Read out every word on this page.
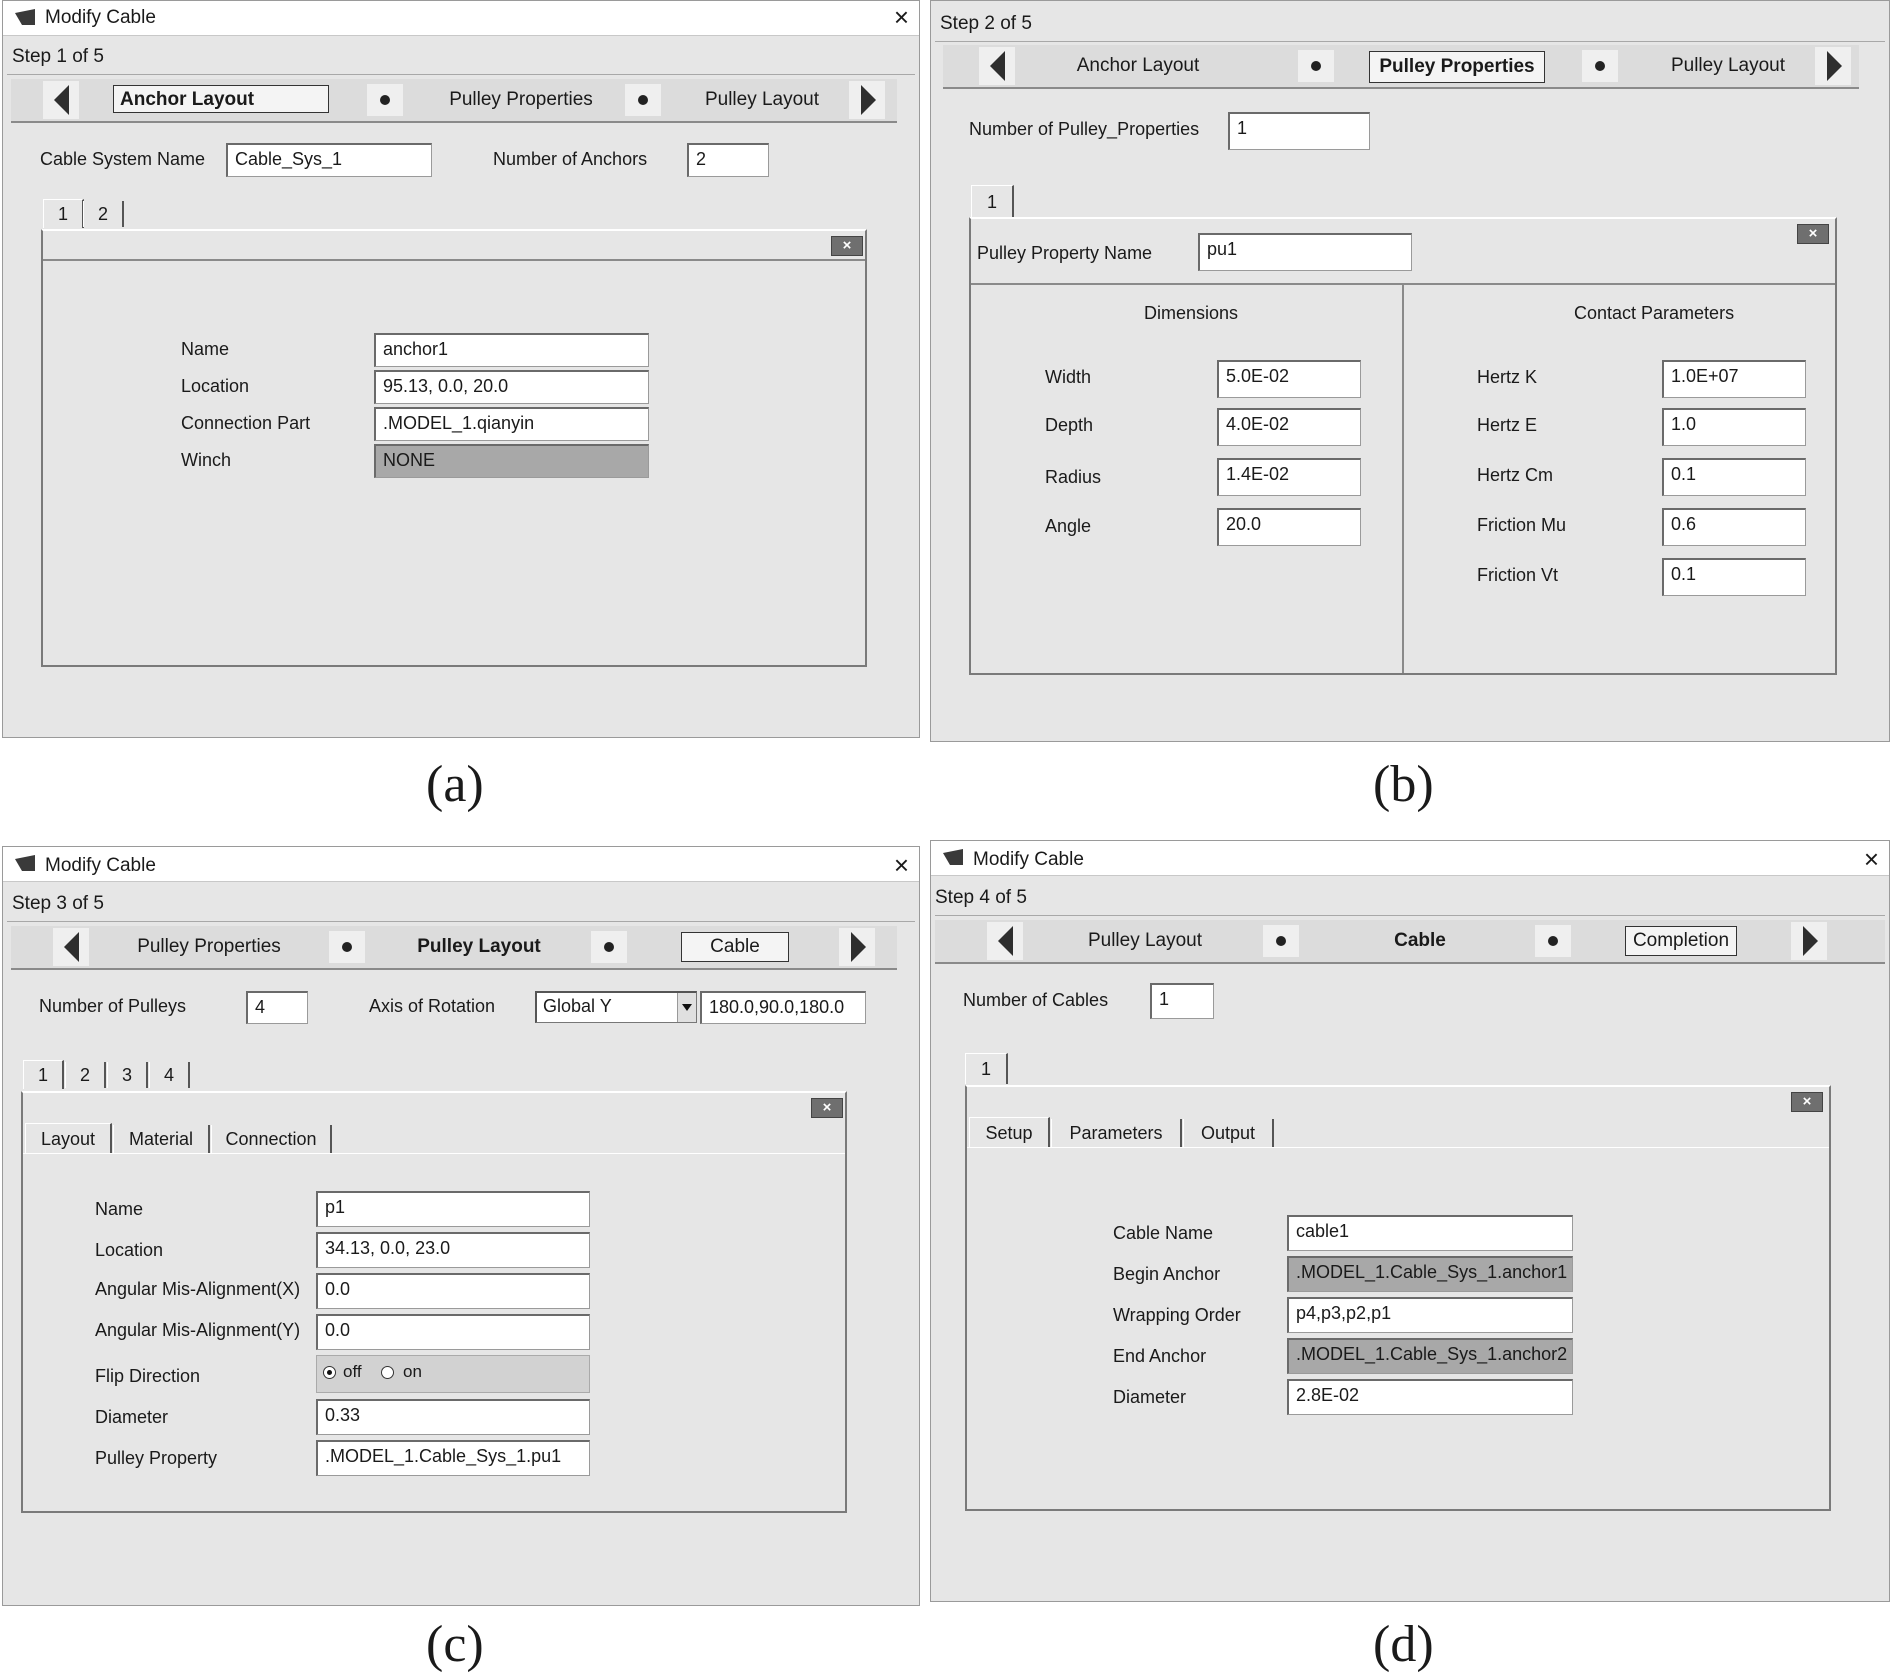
Modify Cable	×
Step 1 of 5
Anchor Layout	Pulley Properties	Pulley Layout
Cable System Name	Cable_Sys_1	Number of Anchors	2
1	2
×
Name	anchor1
Location	95.13, 0.0, 20.0
Connection Part	.MODEL_1.qianyin
Winch	NONE
(a)
Step 2 of 5
Anchor Layout	Pulley Properties	Pulley Layout
Number of Pulley_Properties	1
1
×
Pulley Property Name	pu1
Dimensions	Contact Parameters
Width	5.0E-02
Depth	4.0E-02
Radius	1.4E-02
Angle	20.0
Hertz K	1.0E+07
Hertz E	1.0
Hertz Cm	0.1
Friction Mu	0.6
Friction Vt	0.1
(b)
Modify Cable	×
Step 3 of 5
Pulley Properties	Pulley Layout	Cable
Number of Pulleys	4	Axis of Rotation	Global Y	180.0,90.0,180.0
1	2	3	4
×
Layout	Material	Connection
Name	p1
Location	34.13, 0.0, 23.0
Angular Mis-Alignment(X)	0.0
Angular Mis-Alignment(Y)	0.0
Flip Direction	off on
Diameter	0.33
Pulley Property	.MODEL_1.Cable_Sys_1.pu1
(c)
Modify Cable	×
Step 4 of 5
Pulley Layout	Cable	Completion
Number of Cables	1
1
×
Setup	Parameters	Output
Cable Name	cable1
Begin Anchor	.MODEL_1.Cable_Sys_1.anchor1
Wrapping Order	p4,p3,p2,p1
End Anchor	.MODEL_1.Cable_Sys_1.anchor2
Diameter	2.8E-02
(d)
